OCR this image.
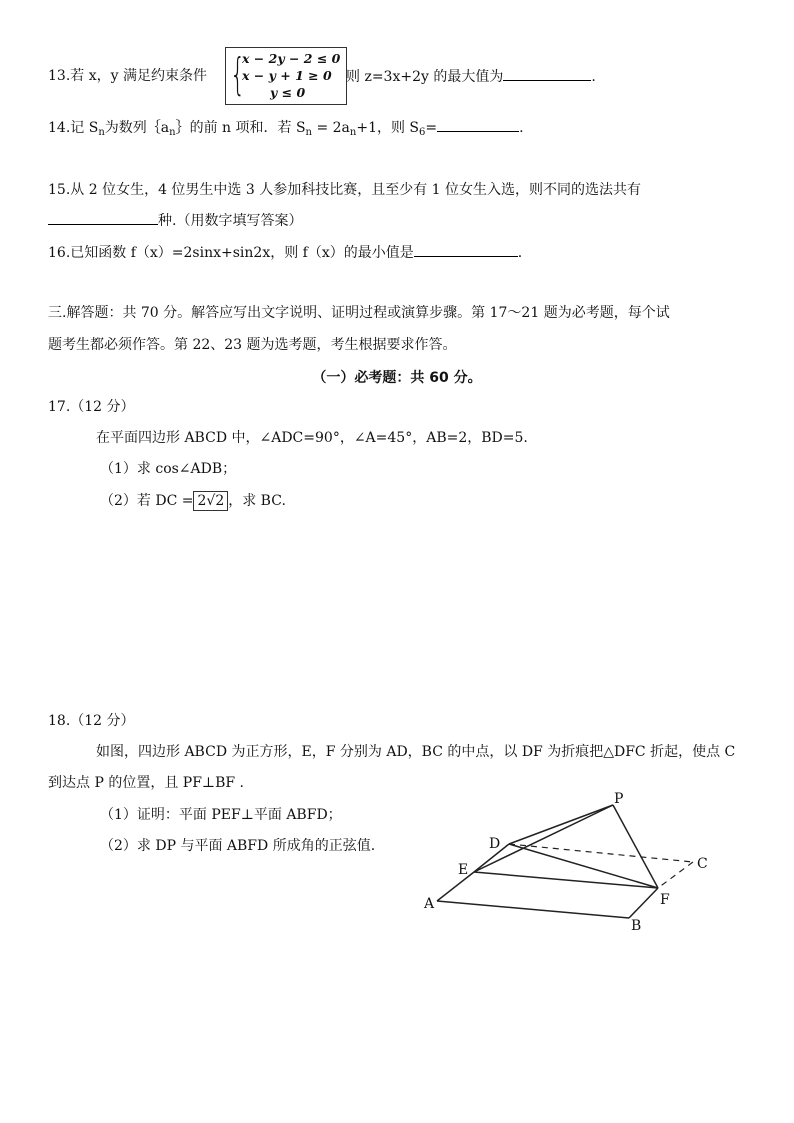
13.若 x，y 满足约束条件 {
x − 2y − 2 ≤ 0
x − y + 1 ≥ 0
y ≤ 0
则 z=3x+2y 的最大值为	.
14.记 $S_n$为数列$\{a_n\}$的前 n 项和．若 $S_n = 2a_n+1$，则 $S_6=$	.
15.从 2 位女生，4 位男生中选 3 人参加科技比赛，且至少有 1 位女生入选，则不同的选法共有
种.（用数字填写答案）
16.已知函数 f（x）=2sinx+sin2x，则 f（x）的最小值是	.
三.解答题：共 70 分。解答应写出文字说明、证明过程或演算步骤。第 17～21 题为必考题，每个试
题考生都必须作答。第 22、23 题为选考题，考生根据要求作答。
（一）必考题：共 60 分。
17.（12 分）
在平面四边形 ABCD 中，∠ADC=90°，∠A=45°，AB=2，BD=5.
（1）求 cos∠ADB；
（2）若 DC = 2√2 ，求 BC.
18.（12 分）
如图，四边形 ABCD 为正方形，E，F 分别为 AD，BC 的中点，以 DF 为折痕把△DFC 折起，使点 C
到达点 P 的位置，且 PF⊥BF .
（1）证明：平面 PEF⊥平面 ABFD；
（2）求 DP 与平面 ABFD 所成角的正弦值.
P
D
C
E
A	F
B
